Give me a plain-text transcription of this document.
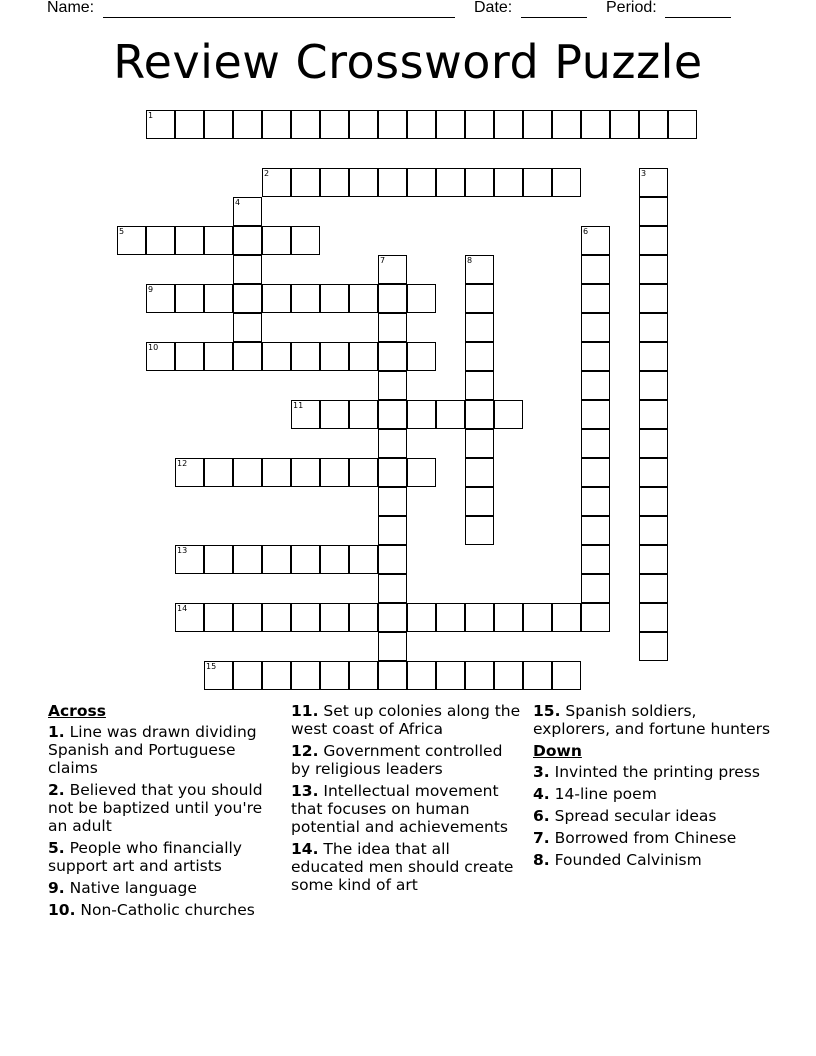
Name:	Date:	Period:
Review Crossword Puzzle
1
2	3
4
5	6
7	8
9
10
11
12
13
14
15
Across
1. Line was drawn dividing Spanish and Portuguese claims
2. Believed that you should not be baptized until you're an adult
5. People who financially support art and artists
9. Native language
10. Non-Catholic churches
11. Set up colonies along the west coast of Africa
12. Government controlled by religious leaders
13. Intellectual movement that focuses on human potential and achievements
14. The idea that all educated men should create some kind of art
15. Spanish soldiers, explorers, and fortune hunters
Down
3. Invinted the printing press
4. 14-line poem
6. Spread secular ideas
7. Borrowed from Chinese
8. Founded Calvinism
